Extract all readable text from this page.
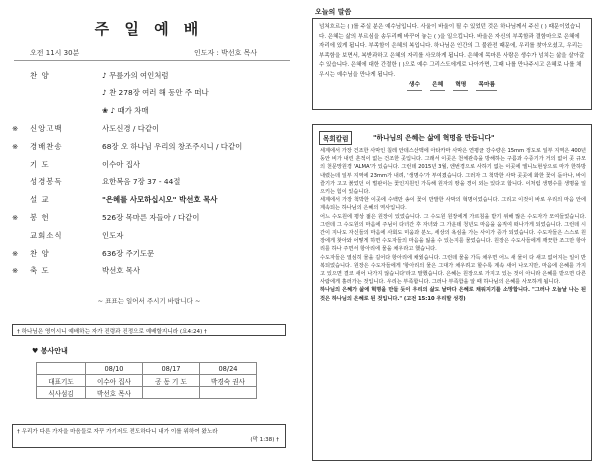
주 일 예 배
오전 11시 30분	인도자 : 박선호 목사
찬 양	♪ 무릎가의 여인처럼
♪ 찬 278장 여러 해 동안 주 떠나
❀ ♪ 때가 차매
※ 신앙고백	사도신경 / 다같이
※ 경배찬송	68장 오 하나님 우리의 창조주시니 / 다같이
기 도	이수아 집사
성경봉독	요한복음 7장 37 - 44절
설 교	"은혜를 사모하십시오" 박선호 목사
※ 봉 헌	526장 목마른 자들아 / 다같이
교회소식	인도자
※ 찬 양	636장 주기도문
※ 축 도	박선호 목사
~ 표표는 일어서 주시기 바랍니다 ~
† 하나님은 영이시니 예배하는 자가 진령과 진정으로 예배할지니라 (요4:24) †
♥ 봉사안내
	08/10	08/17	08/24
대표기도	이수아 집사	공 동 기 도	박경숙 권사
식사섬김	박선호 목사		
† 우리가 다른 가자을 마음들로 자꾸 가기저도 전도하다니 내가 이를 위하여 왔노라
(막 1:38) †
오늘의 말씀
넘쳐흐르는 ( )를 주실 분은 예수님입니다. 사울이 바울이 될 수 있었던 것은 하나님께서 주신 ( ) 때문이었습니다. 은혜는 삶의 부르심을 송두리째 바꾸어 놓는 ( )을 일으킵니다. 바울은 자신의 부족함과 결함마으로 은혜에 자리에 있게 됩니다. 부족함이 은혜의 복입니다. 하나님은 인간의 그 불완전 때문에, 우리를 찾아오셨고, 우리는 부족함을 보면서, 복받과하고 은혜의 자리를 사모하게 됩니다. 은혜에 목마른 사람은 생수가 넘치는 삶을 살아갈 수 있습니다. 은혜에 대한 간절한 ( )으로 예수 그리스도에게로 나아가면, 그때 나를 만나주시고 은혜로 나를 채우시는 예수님을 만나게 됩니다.
생수 은혜 혁명 목마름
목회칼럼	"하나님의 은혜는 삶에 혁명을 만듭니다"

세계에서 가장 건조한 사막인 칠레 안데스산맥에 아타카마 사막은 연평균 강수량은 15mm 정도로 일부 지역은 400년 동안 비가 내린 흔적이 없는 건조한 곳입니다. 그래서 이곳은 천체관측을 방해하는 구름과 수증기가 거의 없어 곳 규모의 천문망원경 'ALMA'가 있습니다. 그런데 2015년 3월, 엔번경으로 사하기 없는 이곳에 엘니뇨현상으로 마가 한하방 내렸는데 일부 지역에 23mm가 내려, '생명수'가 부여졌습니다. 그러자 그 척박한 사막 곳곳에 화한 꽃이 돋아나, 바이 즐기가 고고 붉었던 이 벌판이는 꽃인지원인 가득해 원자의 땅을 경이 외는 있다고 합니다. 이처럼 생명수를 생명을 일으키는 힘이 있습니다.

세계에서 가장 척박한 이곳에 수백만 송이 꽃이 만발한 사막의 혁명이었습니다. 그리고 이것이 바로 우리의 마음 안에 계속되는 하나님의 은혜의 역사입니다.

어느 수도원에 평상 젊은 원장이 있었습니다. 그 수도원 원장에게 가르침을 받기 위해 많은 수도자가 모여들었습니다. 그런데 그 수도원의 마음에 주님이 다녀간 후 자녀와 그 가운데 청년도 마음을 움직여 떠나가게 되었습니다. 그런데 시간이 지나도 자신들의 마음에 사회도 미움과 분노, 세상의 욕심을 가는 사이가 증가 되었습니다. 수도자들은 스스로 원장에게 찾아와 어떻게 하면 수도자들의 마음을 잃을 수 있는지를 물었습니다. 원장은 수도사들에게 깨끗한 조그만 항아리를 하나 주면서 항아리에 물을 채우라고 했습니다.

수도자들은 열심히 물을 길어다 항아리에 채웠습니다. 그런데 물을 가득 채우면 어느 새 물이 다 새고 없어지는 일이 반복되었습니다. 원장은 수도자들에게 '항아리의 물은 그대가 채우려고 할수록 계속 새어 나오지만, 마음에 은혜를 가지고 있으면 결코 새어 나가지 않습니다'라고 말했습니다. 은혜는 원장으로 가지고 있는 것이 아니라 은혜를 받으면 다른 사람에게 흘러가는 것입니다. 우리는 부족합니다. 그러나 부족함을 알 때 하나님의 은혜를 사모하게 됩니다.

하나님의 은혜가 삶에 혁명을 만들 듯이 우리의 삶도 날마다 은혜로 채워지기를 소망합니다. "그러나 오늘날 나는 된 것은 하나님의 은혜로 된 것입니다." (고전 15:10 우리말 성경)
